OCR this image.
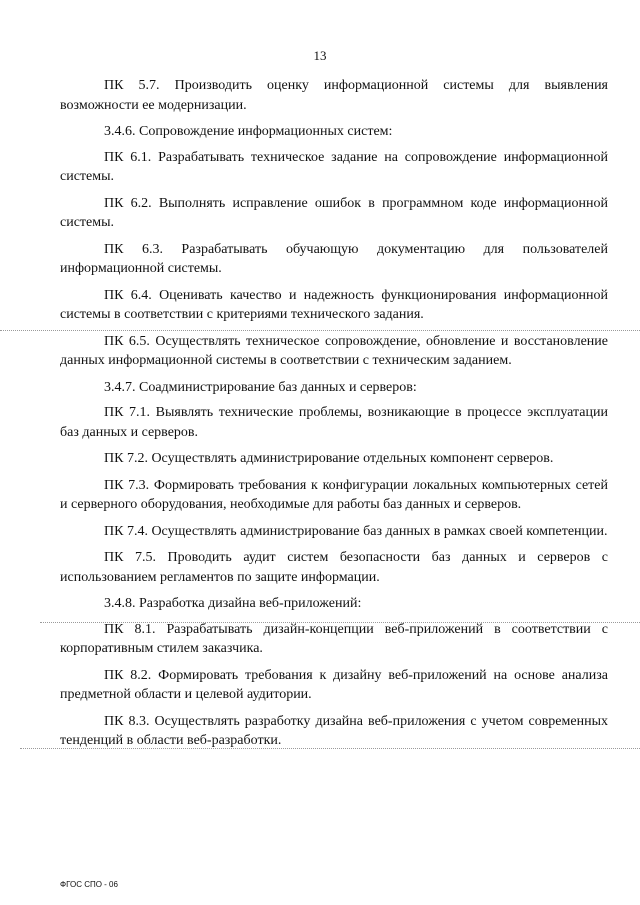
13

ПК 5.7. Производить оценку информационной системы для выявления возможности ее модернизации.

3.4.6. Сопровождение информационных систем:

ПК 6.1. Разрабатывать техническое задание на сопровождение информационной системы.

ПК 6.2. Выполнять исправление ошибок в программном коде информационной системы.

ПК 6.3. Разрабатывать обучающую документацию для пользователей информационной системы.

ПК 6.4. Оценивать качество и надежность функционирования информационной системы в соответствии с критериями технического задания.

ПК 6.5. Осуществлять техническое сопровождение, обновление и восстановление данных информационной системы в соответствии с техническим заданием.

3.4.7. Соадминистрирование баз данных и серверов:

ПК 7.1. Выявлять технические проблемы, возникающие в процессе эксплуатации баз данных и серверов.

ПК 7.2. Осуществлять администрирование отдельных компонент серверов.

ПК 7.3. Формировать требования к конфигурации локальных компьютерных сетей и серверного оборудования, необходимые для работы баз данных и серверов.

ПК 7.4. Осуществлять администрирование баз данных в рамках своей компетенции.

ПК 7.5. Проводить аудит систем безопасности баз данных и серверов с использованием регламентов по защите информации.

3.4.8. Разработка дизайна веб-приложений:

ПК 8.1. Разрабатывать дизайн-концепции веб-приложений в соответствии с корпоративным стилем заказчика.

ПК 8.2. Формировать требования к дизайну веб-приложений на основе анализа предметной области и целевой аудитории.

ПК 8.3. Осуществлять разработку дизайна веб-приложения с учетом современных тенденций в области веб-разработки.

ФГОС СПО - 06
